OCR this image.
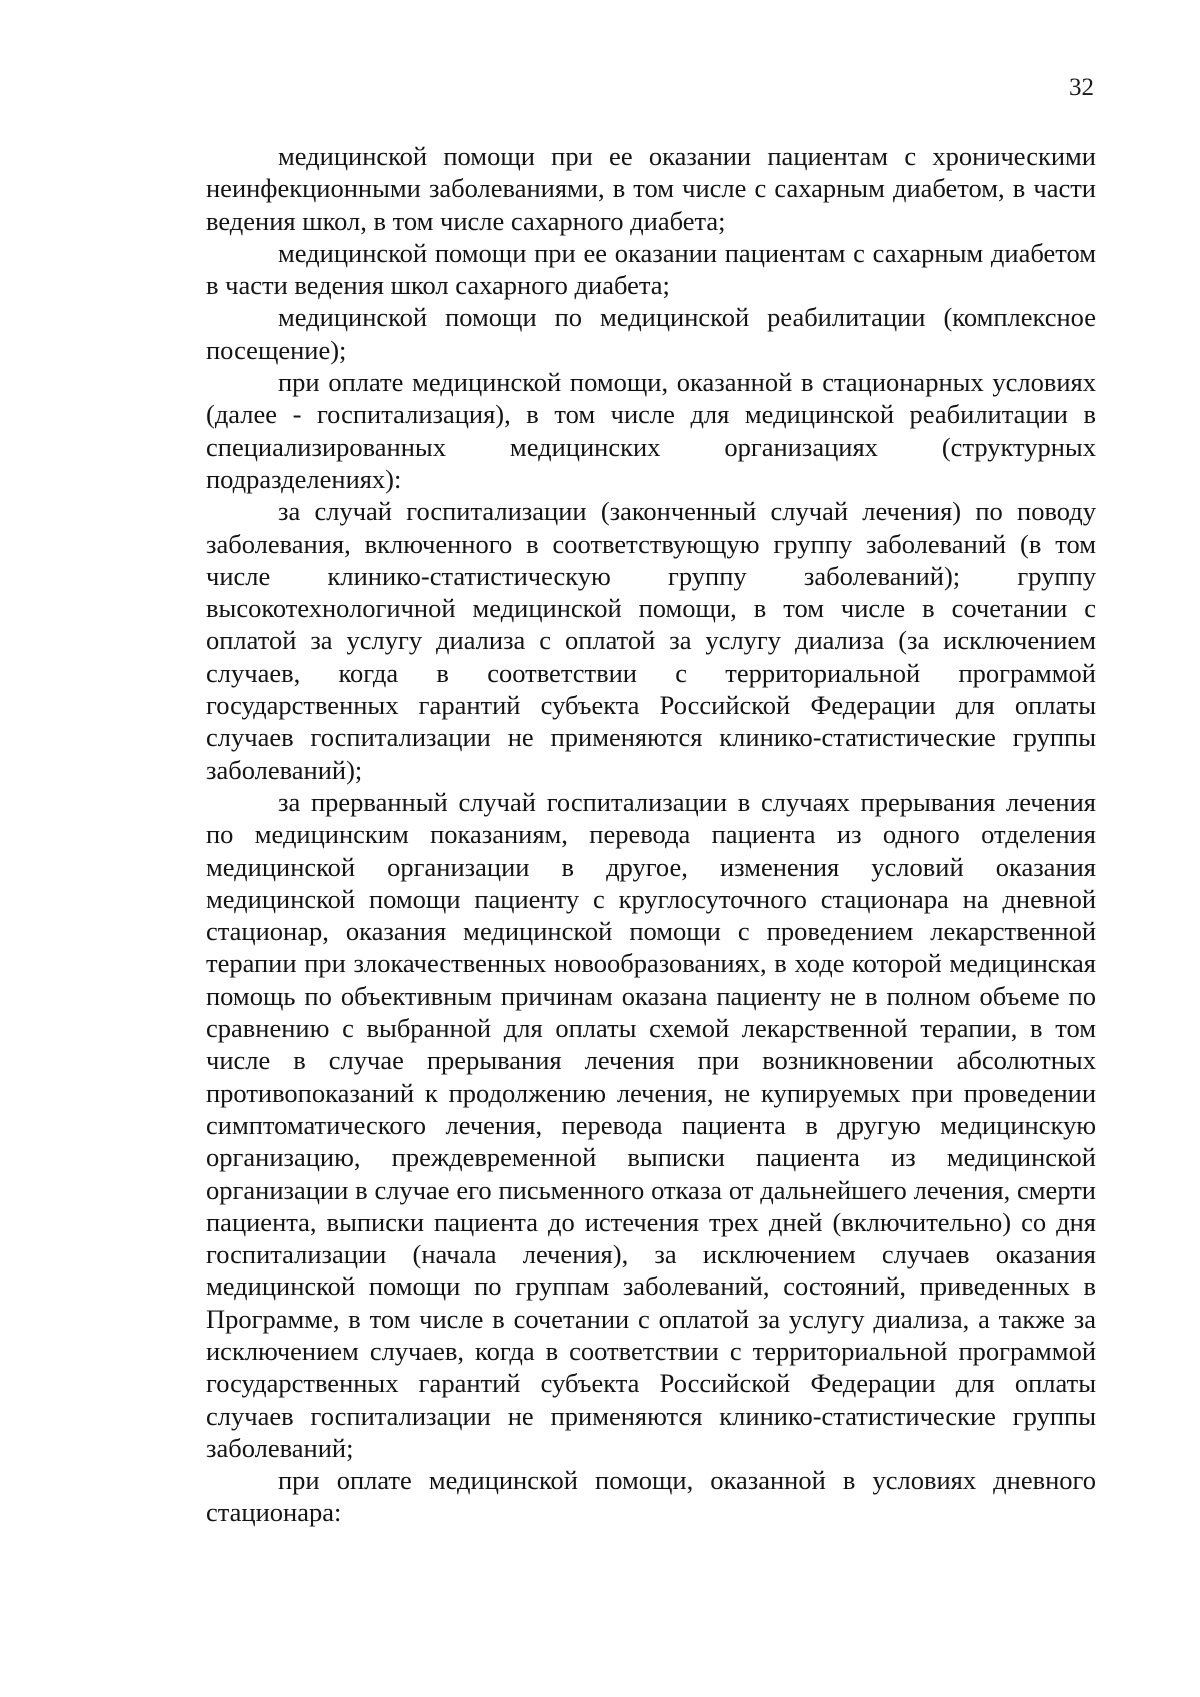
32

медицинской помощи при ее оказании пациентам с хроническими неинфекционными заболеваниями, в том числе с сахарным диабетом, в части ведения школ, в том числе сахарного диабета;

медицинской помощи при ее оказании пациентам с сахарным диабетом в части ведения школ сахарного диабета;

медицинской помощи по медицинской реабилитации (комплексное посещение);

при оплате медицинской помощи, оказанной в стационарных условиях (далее - госпитализация), в том числе для медицинской реабилитации в специализированных медицинских организациях (структурных подразделениях):

за случай госпитализации (законченный случай лечения) по поводу заболевания, включенного в соответствующую группу заболеваний (в том числе клинико-статистическую группу заболеваний); группу высокотехнологичной медицинской помощи, в том числе в сочетании с оплатой за услугу диализа с оплатой за услугу диализа (за исключением случаев, когда в соответствии с территориальной программой государственных гарантий субъекта Российской Федерации для оплаты случаев госпитализации не применяются клинико-статистические группы заболеваний);

за прерванный случай госпитализации в случаях прерывания лечения по медицинским показаниям, перевода пациента из одного отделения медицинской организации в другое, изменения условий оказания медицинской помощи пациенту с круглосуточного стационара на дневной стационар, оказания медицинской помощи с проведением лекарственной терапии при злокачественных новообразованиях, в ходе которой медицинская помощь по объективным причинам оказана пациенту не в полном объеме по сравнению с выбранной для оплаты схемой лекарственной терапии, в том числе в случае прерывания лечения при возникновении абсолютных противопоказаний к продолжению лечения, не купируемых при проведении симптоматического лечения, перевода пациента в другую медицинскую организацию, преждевременной выписки пациента из медицинской организации в случае его письменного отказа от дальнейшего лечения, смерти пациента, выписки пациента до истечения трех дней (включительно) со дня госпитализации (начала лечения), за исключением случаев оказания медицинской помощи по группам заболеваний, состояний, приведенных в Программе, в том числе в сочетании с оплатой за услугу диализа, а также за исключением случаев, когда в соответствии с территориальной программой государственных гарантий субъекта Российской Федерации для оплаты случаев госпитализации не применяются клинико-статистические группы заболеваний;

при оплате медицинской помощи, оказанной в условиях дневного стационара:
